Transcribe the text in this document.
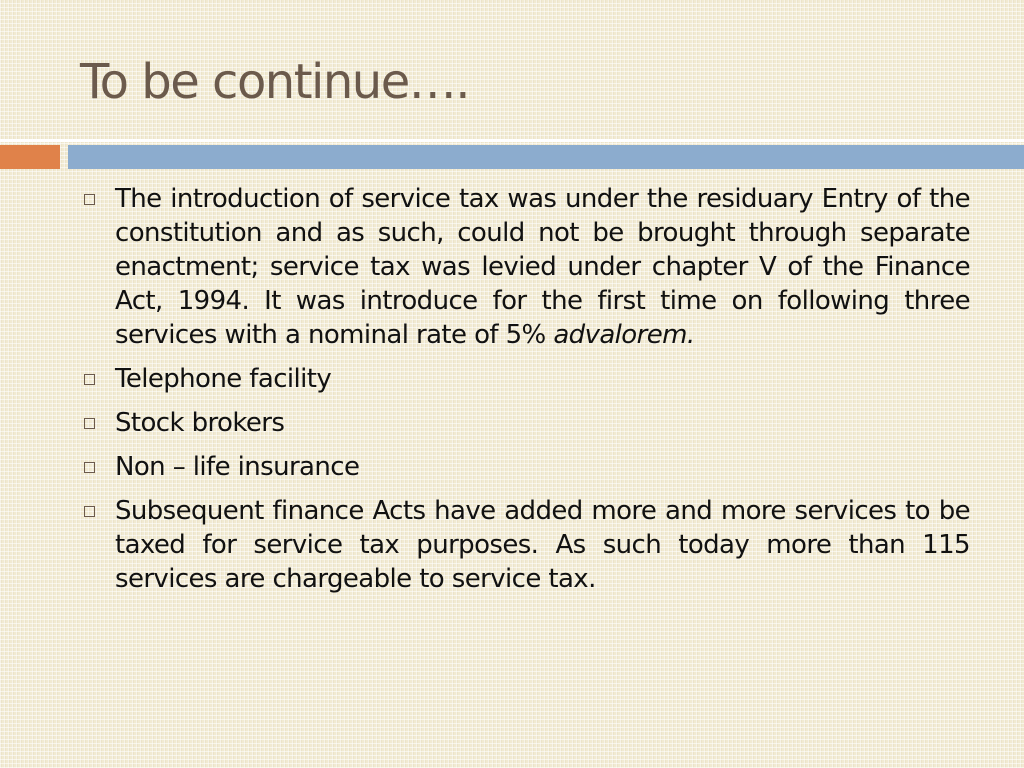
To be continue….
The introduction of service tax was under the residuary Entry of the constitution and as such, could not be brought through separate enactment; service tax was levied under chapter V of the Finance Act, 1994. It was introduce for the first time on following three services with a nominal rate of 5% advalorem.
Telephone facility
Stock brokers
Non – life insurance
Subsequent finance Acts have added more and more services to be taxed for service tax purposes. As such today more than 115 services are chargeable to service tax.
